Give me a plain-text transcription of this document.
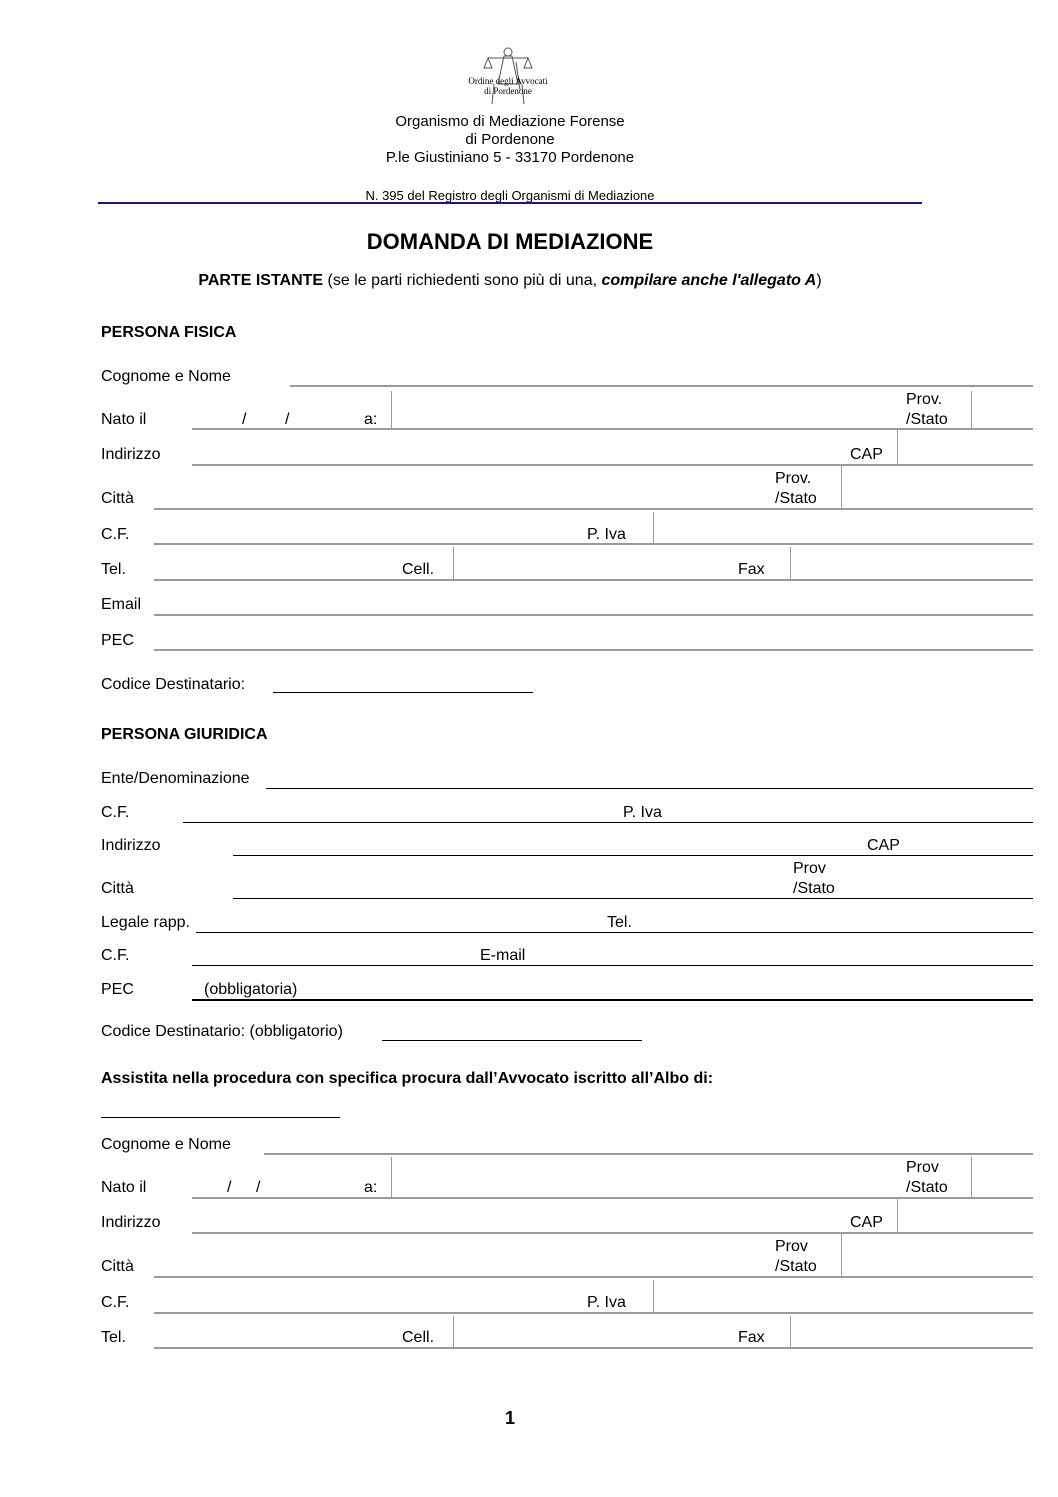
Ordine degli Avvocati
di Pordenone
Organismo di Mediazione Forense
di Pordenone
P.le Giustiniano 5 - 33170 Pordenone
N. 395 del Registro degli Organismi di Mediazione
DOMANDA DI MEDIAZIONE
PARTE ISTANTE (se le parti richiedenti sono più di una, compilare anche l'allegato A)
PERSONA FISICA
Cognome e Nome
Nato il	/ /	a:
Prov.
/Stato
Indirizzo	CAP
Città
Prov.
/Stato
C.F.	P. Iva
Tel.	Cell.	Fax
Email
PEC
Codice Destinatario:
PERSONA GIURIDICA
Ente/Denominazione
C.F.	P. Iva
Indirizzo	CAP
Città
Prov
/Stato
Legale rapp.	Tel.
C.F.	E-mail
PEC	(obbligatoria)
Codice Destinatario: (obbligatorio)
Assistita nella procedura con specifica procura dall’Avvocato iscritto all’Albo di:
Cognome e Nome
Nato il	/ /	a:
Prov
/Stato
Indirizzo	CAP
Città
Prov
/Stato
C.F.	P. Iva
Tel.	Cell.	Fax
1
